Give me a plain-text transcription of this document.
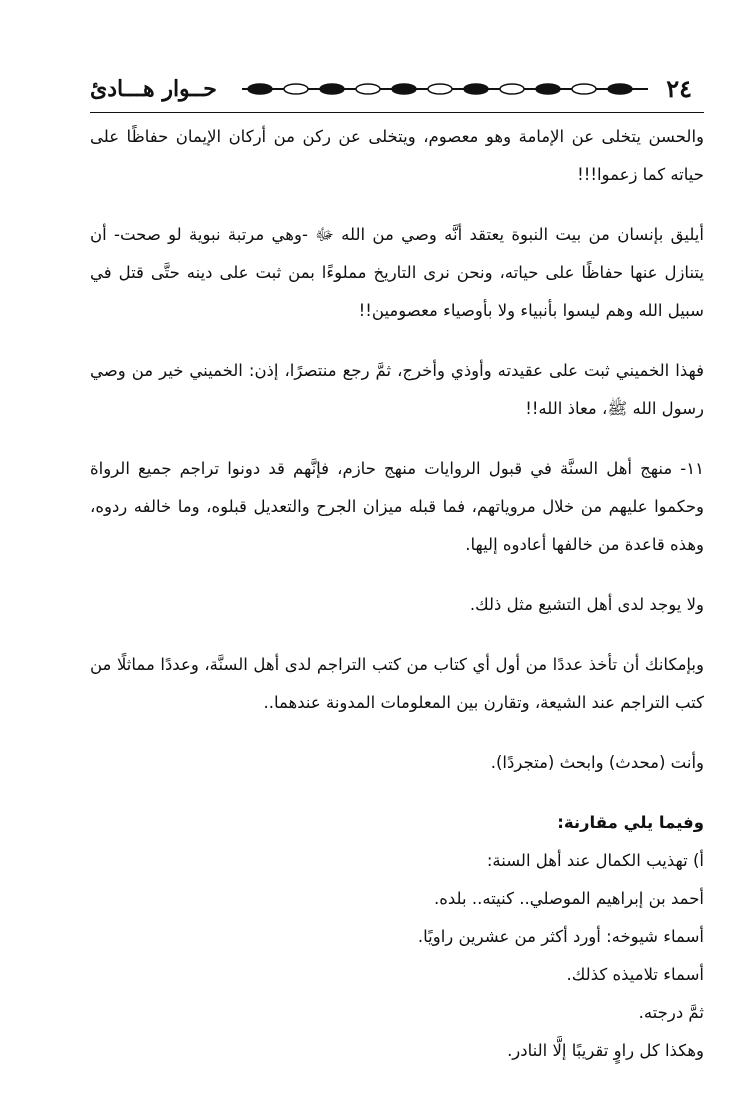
٢٤
حــوار هـــادئ

والحسن يتخلى عن الإمامة وهو معصوم، ويتخلى عن ركن من أركان الإيمان حفاظًا على حياته كما زعموا!!!

أيليق بإنسان من بيت النبوة يعتقد أنَّه وصي من الله ﷻ -وهي مرتبة نبوية لو صحت- أن يتنازل عنها حفاظًا على حياته، ونحن نرى التاريخ مملوءًا بمن ثبت على دينه حتَّى قتل في سبيل الله وهم ليسوا بأنبياء ولا بأوصياء معصومين!!

فهذا الخميني ثبت على عقيدته وأوذي وأخرج، ثمَّ رجع منتصرًا، إذن: الخميني خير من وصي رسول الله ﷺ، معاذ الله!!

١١- منهج أهل السنَّة في قبول الروايات منهج حازم، فإنَّهم قد دونوا تراجم جميع الرواة وحكموا عليهم من خلال مروياتهم، فما قبله ميزان الجرح والتعديل قبلوه، وما خالفه ردوه، وهذه قاعدة من خالفها أعادوه إليها.

ولا يوجد لدى أهل التشيع مثل ذلك.

وبإمكانك أن تأخذ عددًا من أول أي كتاب من كتب التراجم لدى أهل السنَّة، وعددًا مماثلًا من كتب التراجم عند الشيعة، وتقارن بين المعلومات المدونة عندهما..

وأنت (محدث) وابحث (متجردًا).

وفيما يلي مقارنة:

أ) تهذيب الكمال عند أهل السنة:

أحمد بن إبراهيم الموصلي.. كنيته.. بلده.

أسماء شيوخه: أورد أكثر من عشرين راويًا.

أسماء تلاميذه كذلك.

ثمَّ درجته.

وهكذا كل راوٍ تقريبًا إلَّا النادر.
